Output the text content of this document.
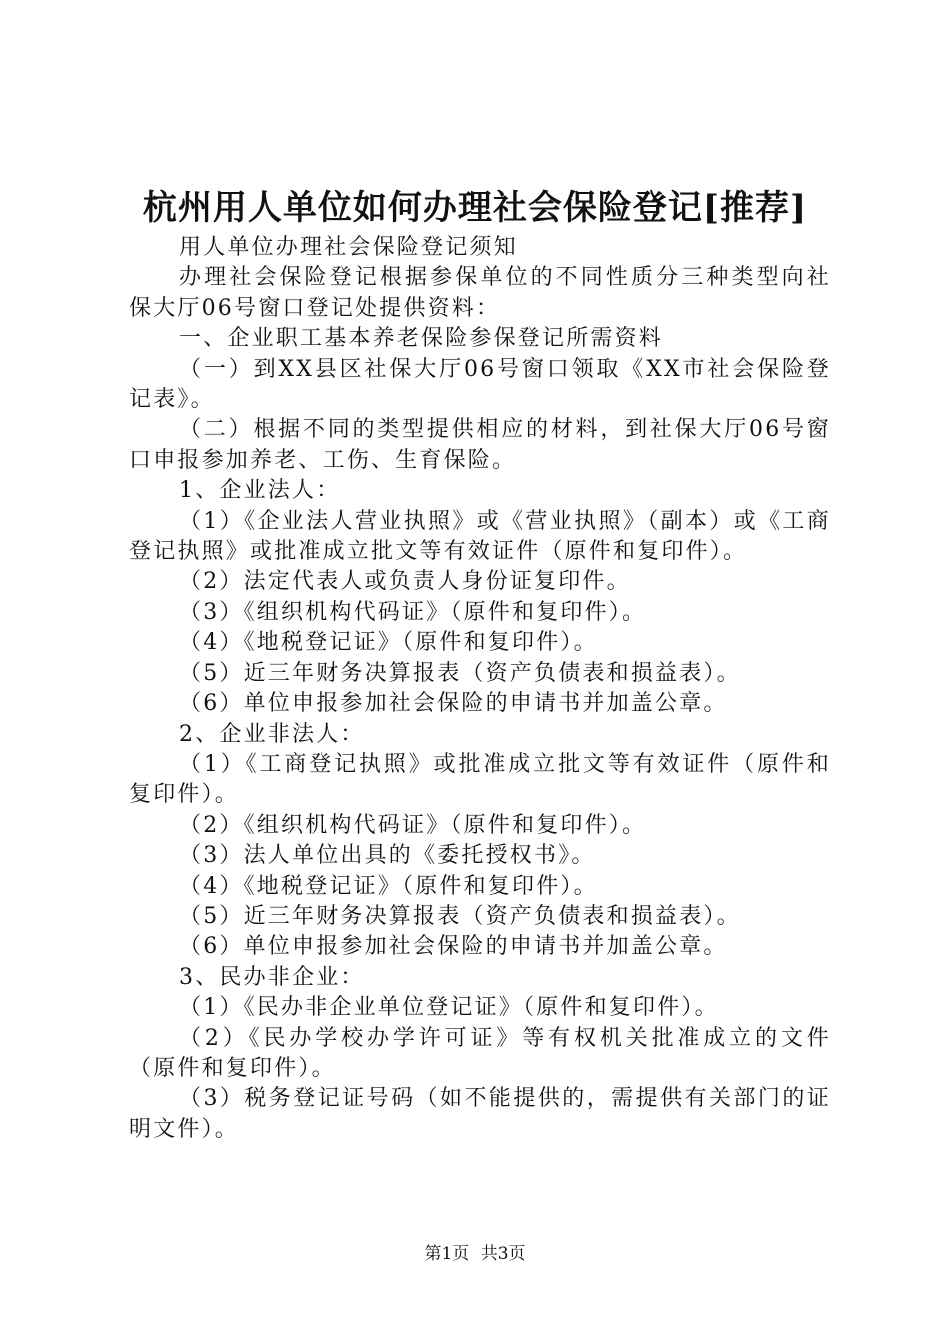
杭州用人单位如何办理社会保险登记[推荐]

用人单位办理社会保险登记须知

办理社会保险登记根据参保单位的不同性质分三种类型向社保大厅06号窗口登记处提供资料：

一、企业职工基本养老保险参保登记所需资料

（一）到XX县区社保大厅06号窗口领取《XX市社会保险登记表》。

（二）根据不同的类型提供相应的材料，到社保大厅06号窗口申报参加养老、工伤、生育保险。

1、企业法人：

（1）《企业法人营业执照》或《营业执照》（副本）或《工商登记执照》或批准成立批文等有效证件（原件和复印件）。

（2）法定代表人或负责人身份证复印件。

（3）《组织机构代码证》（原件和复印件）。

（4）《地税登记证》（原件和复印件）。

（5）近三年财务决算报表（资产负债表和损益表）。

（6）单位申报参加社会保险的申请书并加盖公章。

2、企业非法人：

（1）《工商登记执照》或批准成立批文等有效证件（原件和复印件）。

（2）《组织机构代码证》（原件和复印件）。

（3）法人单位出具的《委托授权书》。

（4）《地税登记证》（原件和复印件）。

（5）近三年财务决算报表（资产负债表和损益表）。

（6）单位申报参加社会保险的申请书并加盖公章。

3、民办非企业：

（1）《民办非企业单位登记证》（原件和复印件）。

（2）《民办学校办学许可证》等有权机关批准成立的文件（原件和复印件）。

（3）税务登记证号码（如不能提供的，需提供有关部门的证明文件）。

第1页 共3页
